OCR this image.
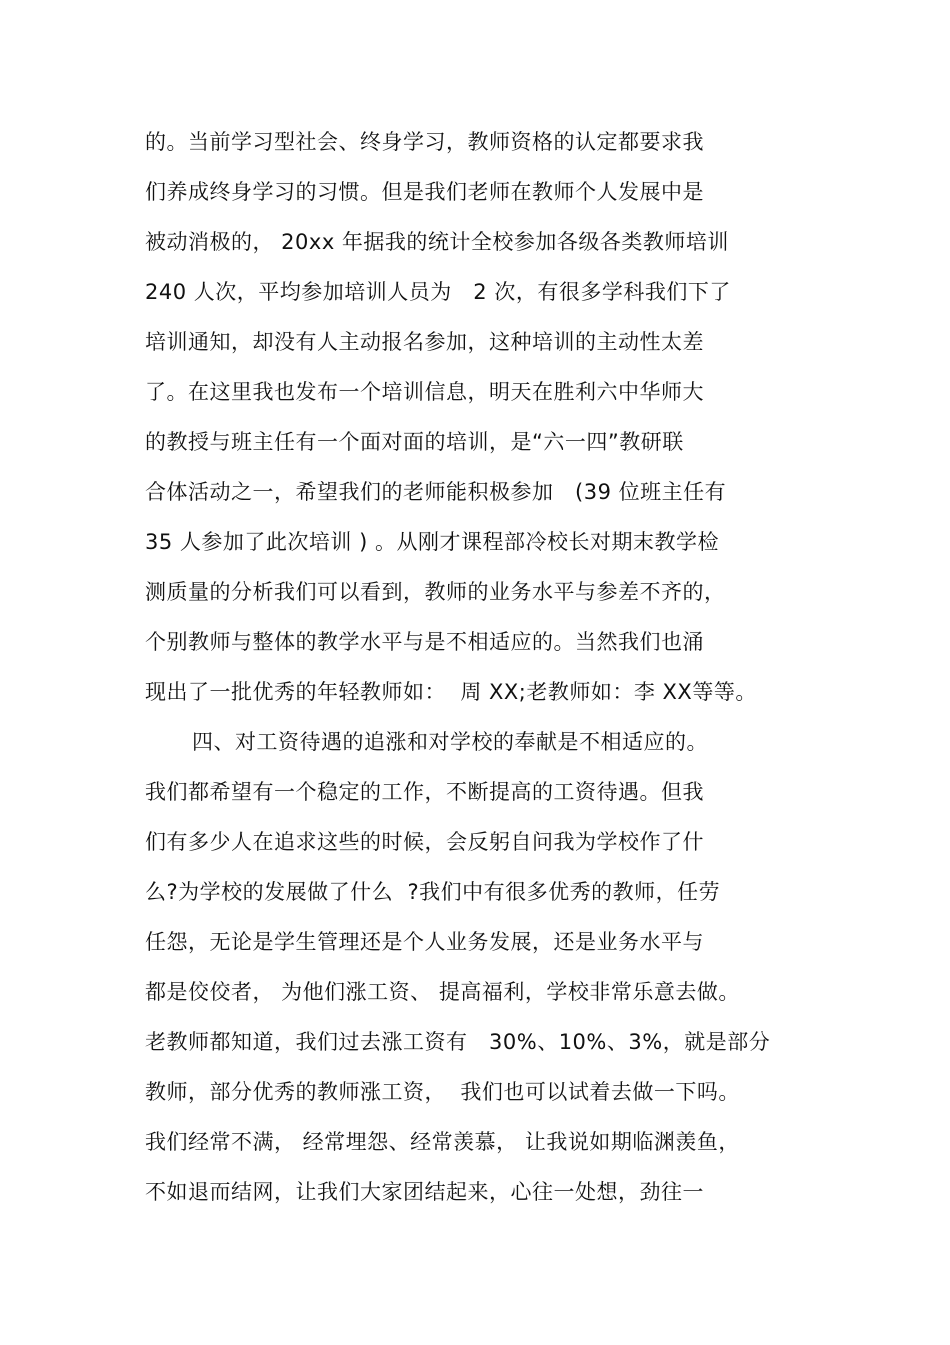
的。当前学习型社会、终身学习，教师资格的认定都要求我
们养成终身学习的习惯。但是我们老师在教师个人发展中是
被动消极的， 20xx 年据我的统计全校参加各级各类教师培训
240 人次，平均参加培训人员为   2 次，有很多学科我们下了
培训通知，却没有人主动报名参加，这种培训的主动性太差
了。在这里我也发布一个培训信息，明天在胜利六中华师大
的教授与班主任有一个面对面的培训，是“六一四”教研联
合体活动之一，希望我们的老师能积极参加   (39 位班主任有
35 人参加了此次培训 ) 。从刚才课程部冷校长对期末教学检
测质量的分析我们可以看到，教师的业务水平与参差不齐的，
个别教师与整体的教学水平与是不相适应的。当然我们也涌
现出了一批优秀的年轻教师如：  周 XX;老教师如：李 XX等等。
四、对工资待遇的追涨和对学校的奉献是不相适应的。
我们都希望有一个稳定的工作，不断提高的工资待遇。但我
们有多少人在追求这些的时候，会反躬自问我为学校作了什
么?为学校的发展做了什么  ?我们中有很多优秀的教师，任劳
任怨，无论是学生管理还是个人业务发展，还是业务水平与
都是佼佼者， 为他们涨工资、 提高福利，学校非常乐意去做。
老教师都知道，我们过去涨工资有   30%、10%、3%，就是部分
教师，部分优秀的教师涨工资，  我们也可以试着去做一下吗。
我们经常不满， 经常埋怨、经常羡慕， 让我说如期临渊羡鱼，
不如退而结网，让我们大家团结起来，心往一处想，劲往一
